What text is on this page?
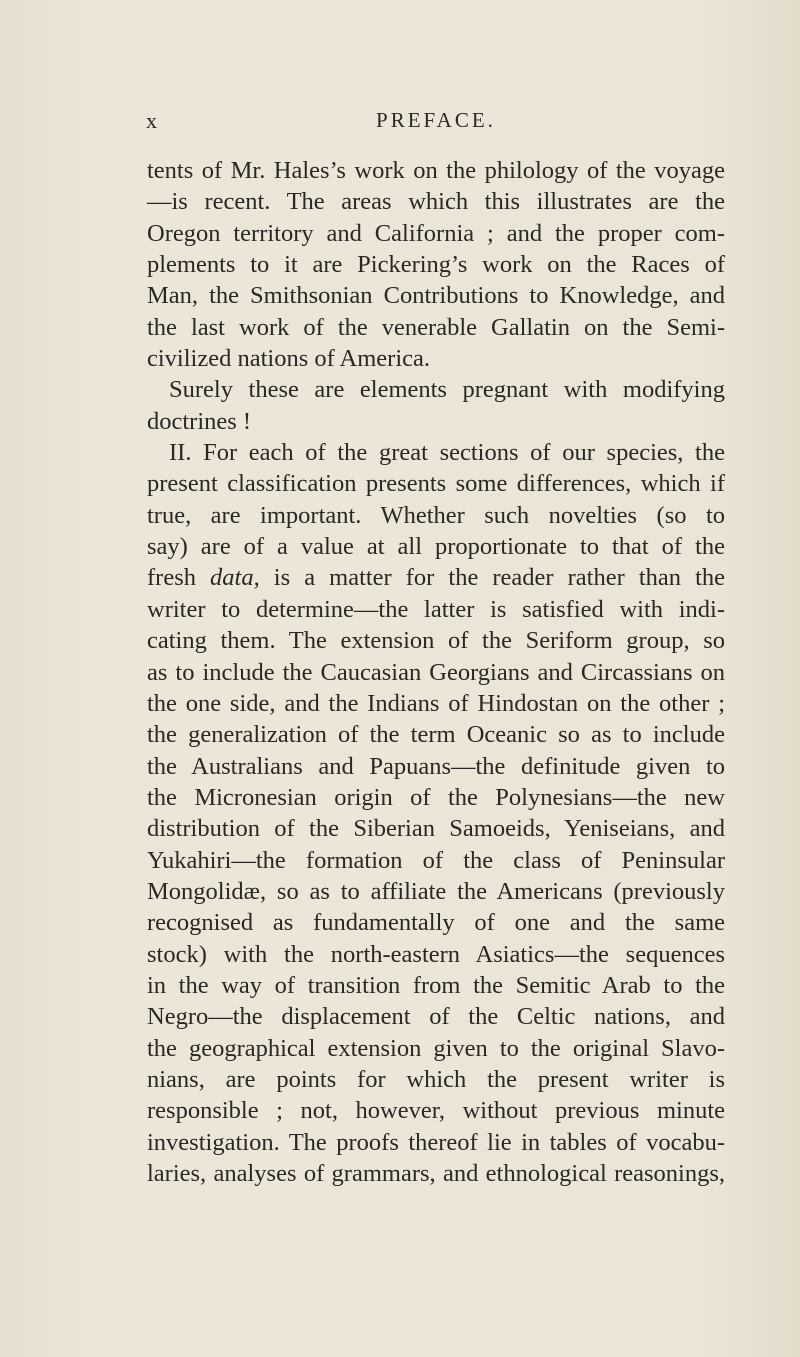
x	PREFACE.
tents of Mr. Hales’s work on the philology of the voyage
—is recent. The areas which this illustrates are the
Oregon territory and California ; and the proper com-
plements to it are Pickering’s work on the Races of
Man, the Smithsonian Contributions to Knowledge, and
the last work of the venerable Gallatin on the Semi-
civilized nations of America.
Surely these are elements pregnant with modifying
doctrines !
II. For each of the great sections of our species, the
present classification presents some differences, which if
true, are important. Whether such novelties (so to
say) are of a value at all proportionate to that of the
fresh data, is a matter for the reader rather than the
writer to determine—the latter is satisfied with indi-
cating them. The extension of the Seriform group, so
as to include the Caucasian Georgians and Circassians on
the one side, and the Indians of Hindostan on the other ;
the generalization of the term Oceanic so as to include
the Australians and Papuans—the definitude given to
the Micronesian origin of the Polynesians—the new
distribution of the Siberian Samoeids, Yeniseians, and
Yukahiri—the formation of the class of Peninsular
Mongolidæ, so as to affiliate the Americans (previously
recognised as fundamentally of one and the same
stock) with the north-eastern Asiatics—the sequences
in the way of transition from the Semitic Arab to the
Negro—the displacement of the Celtic nations, and
the geographical extension given to the original Slavo-
nians, are points for which the present writer is
responsible ; not, however, without previous minute
investigation. The proofs thereof lie in tables of vocabu-
laries, analyses of grammars, and ethnological reasonings,
